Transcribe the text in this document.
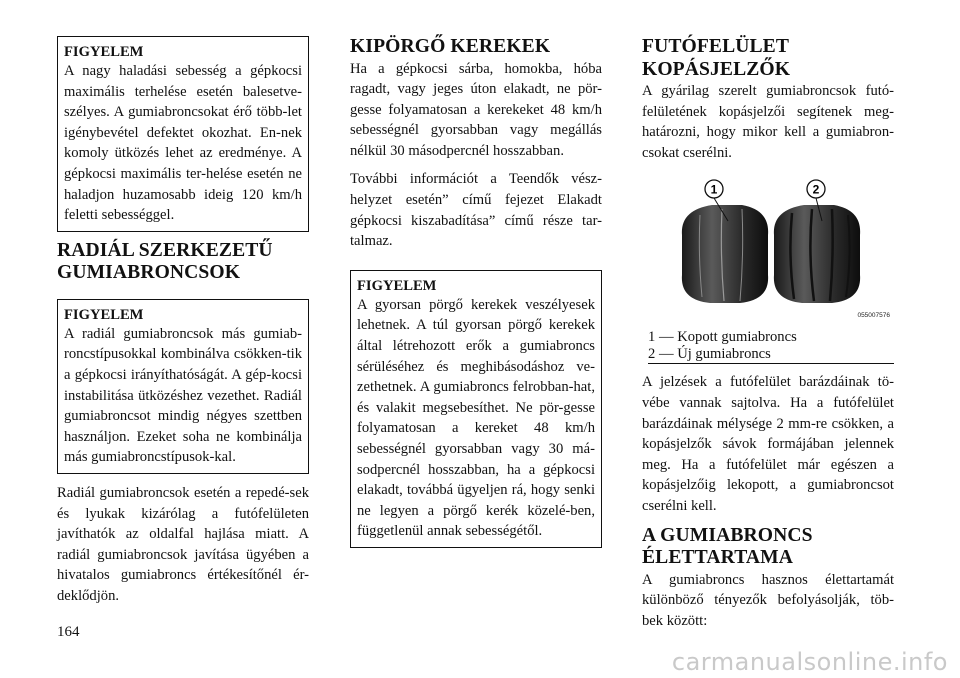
FIGYELEM
A nagy haladási sebesség a gépkocsi maximális terhelése esetén balesetve-szélyes. A gumiabroncsokat érő több-let igénybevétel defektet okozhat. En-nek komoly ütközés lehet az eredménye. A gépkocsi maximális ter-helése esetén ne haladjon huzamosabb ideig 120 km/h feletti sebességgel.
RADIÁL SZERKEZETŰ GUMIABRONCSOK
FIGYELEM
A radiál gumiabroncsok más gumiab-roncstípusokkal kombinálva csökken-tik a gépkocsi irányíthatóságát. A gép-kocsi instabilitása ütközéshez vezethet. Radiál gumiabroncsot mindig négyes szettben használjon. Ezeket soha ne kombinálja más gumiabroncstípusok-kal.

Radiál gumiabroncsok esetén a repedé-sek és lyukak kizárólag a futófelületen javíthatók az oldalfal hajlása miatt. A radiál gumiabroncsok javítása ügyében a hivatalos gumiabroncs értékesítőnél ér-deklődjön.

KIPÖRGŐ KEREKEK

Ha a gépkocsi sárba, homokba, hóba ragadt, vagy jeges úton elakadt, ne pör-gesse folyamatosan a kerekeket 48 km/h sebességnél gyorsabban vagy megállás nélkül 30 másodpercnél hosszabban.

További információt a Teendők vész-helyzet esetén” című fejezet Elakadt gépkocsi kiszabadítása” című része tar-talmaz.

FIGYELEM
A gyorsan pörgő kerekek veszélyesek lehetnek. A túl gyorsan pörgő kerekek által létrehozott erők a gumiabroncs sérüléséhez és meghibásodáshoz ve-zethetnek. A gumiabroncs felrobban-hat, és valakit megsebesíthet. Ne pör-gesse folyamatosan a kereket 48 km/h sebességnél gyorsabban vagy 30 má-sodpercnél hosszabban, ha a gépkocsi elakadt, továbbá ügyeljen rá, hogy senki ne legyen a pörgő kerék közelé-ben, függetlenül annak sebességétől.
FUTÓFELÜLET KOPÁSJELZŐK

A gyárilag szerelt gumiabroncsok futó-felületének kopásjelzői segítenek meg-határozni, hogy mikor kell a gumiabron-csokat cserélni.

1	2
055007576
1 — Kopott gumiabroncs
2 — Új gumiabroncs

A jelzések a futófelület barázdáinak tö-vébe vannak sajtolva. Ha a futófelület barázdáinak mélysége 2 mm-re csökken, a kopásjelzők sávok formájában jelennek meg. Ha a futófelület már egészen a kopásjelzőig lekopott, a gumiabroncsot cserélni kell.

A GUMIABRONCS ÉLETTARTAMA

A gumiabroncs hasznos élettartamát különböző tényezők befolyásolják, töb-bek között:

164
carmanualsonline.info
